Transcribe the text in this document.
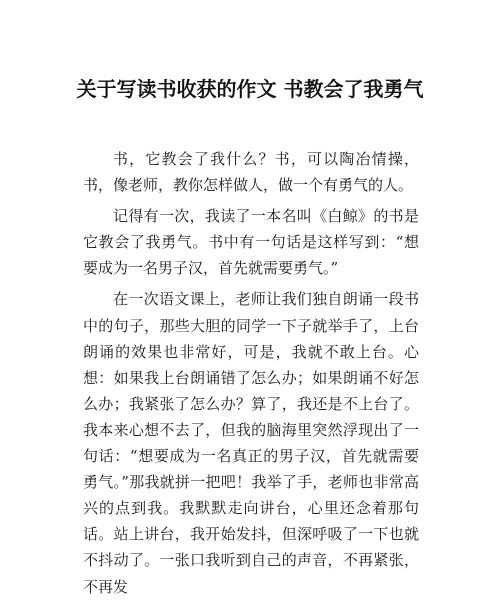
关于写读书收获的作文 书教会了我勇气

书，它教会了我什么？书，可以陶冶情操，书，像老师，教你怎样做人，做一个有勇气的人。

记得有一次，我读了一本名叫《白鲸》的书是它教会了我勇气。书中有一句话是这样写到：“想要成为一名男子汉，首先就需要勇气。”

在一次语文课上，老师让我们独自朗诵一段书中的句子，那些大胆的同学一下子就举手了，上台朗诵的效果也非常好，可是，我就不敢上台。心想：如果我上台朗诵错了怎么办；如果朗诵不好怎么办；我紧张了怎么办？算了，我还是不上台了。我本来心想不去了，但我的脑海里突然浮现出了一句话：“想要成为一名真正的男子汉，首先就需要勇气。”那我就拼一把吧！我举了手，老师也非常高兴的点到我。我默默走向讲台，心里还念着那句话。站上讲台，我开始发抖，但深呼吸了一下也就不抖动了。一张口我听到自己的声音，不再紧张，不再发
